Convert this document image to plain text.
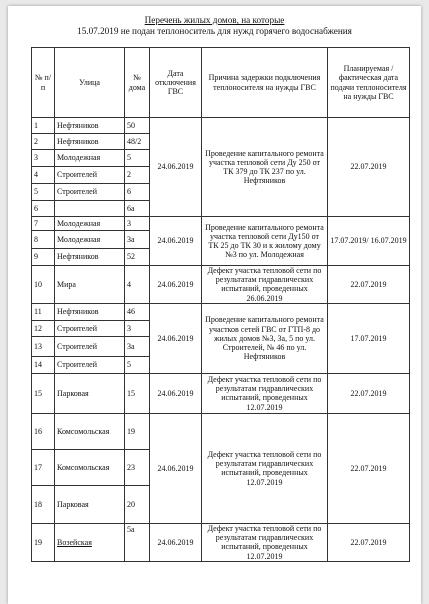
Перечень жилых домов, на которые
15.07.2019 не подан теплоноситель для нужд горячего водоснабжения
№ п/п	Улица	№ дома	Дата отключения ГВС	Причина задержки подключения теплоносителя на нужды ГВС	Планируемая / фактическая дата подачи теплоносителя на нужды ГВС
1	Нефтяников	50	24.06.2019	Проведение капитального ремонта участка тепловой сети Ду 250 от ТК 379 до ТК 237 по ул. Нефтяников	22.07.2019
2	Нефтяников	48/2			
3	Молодежная	5			
4	Строителей	2			
5	Строителей	6			
6		6а			
7	Молодежная	3	24.06.2019	Проведение капитального ремонта участка тепловой сети Ду150 от ТК 25 до ТК 30 и к жилому дому №3 по ул. Молодежная	17.07.2019/ 16.07.2019
8	Молодежная	3а			
9	Нефтяников	52			
10	Мира	4	24.06.2019	Дефект участка тепловой сети по результатам гидравлических испытаний, проведенных 26.06.2019	22.07.2019
11	Нефтяников	46	24.06.2019	Проведение капитального ремонта участков сетей ГВС от ГТП-8 до жилых домов №3, 3а, 5 по ул. Строителей, № 46 по ул. Нефтяников	17.07.2019
12	Строителей	3			
13	Строителей	3а			
14	Строителей	5			
15	Парковая	15	24.06.2019	Дефект участка тепловой сети по результатам гидравлических испытаний, проведенных 12.07.2019	22.07.2019
16	Комсомольская	19	24.06.2019	Дефект участка тепловой сети по результатам гидравлических испытаний, проведенных 12.07.2019	22.07.2019
17	Комсомольская	23			
18	Парковая	20			
19	Возейская	5а	24.06.2019	Дефект участка тепловой сети по результатам гидравлических испытаний, проведенных 12.07.2019	22.07.2019
